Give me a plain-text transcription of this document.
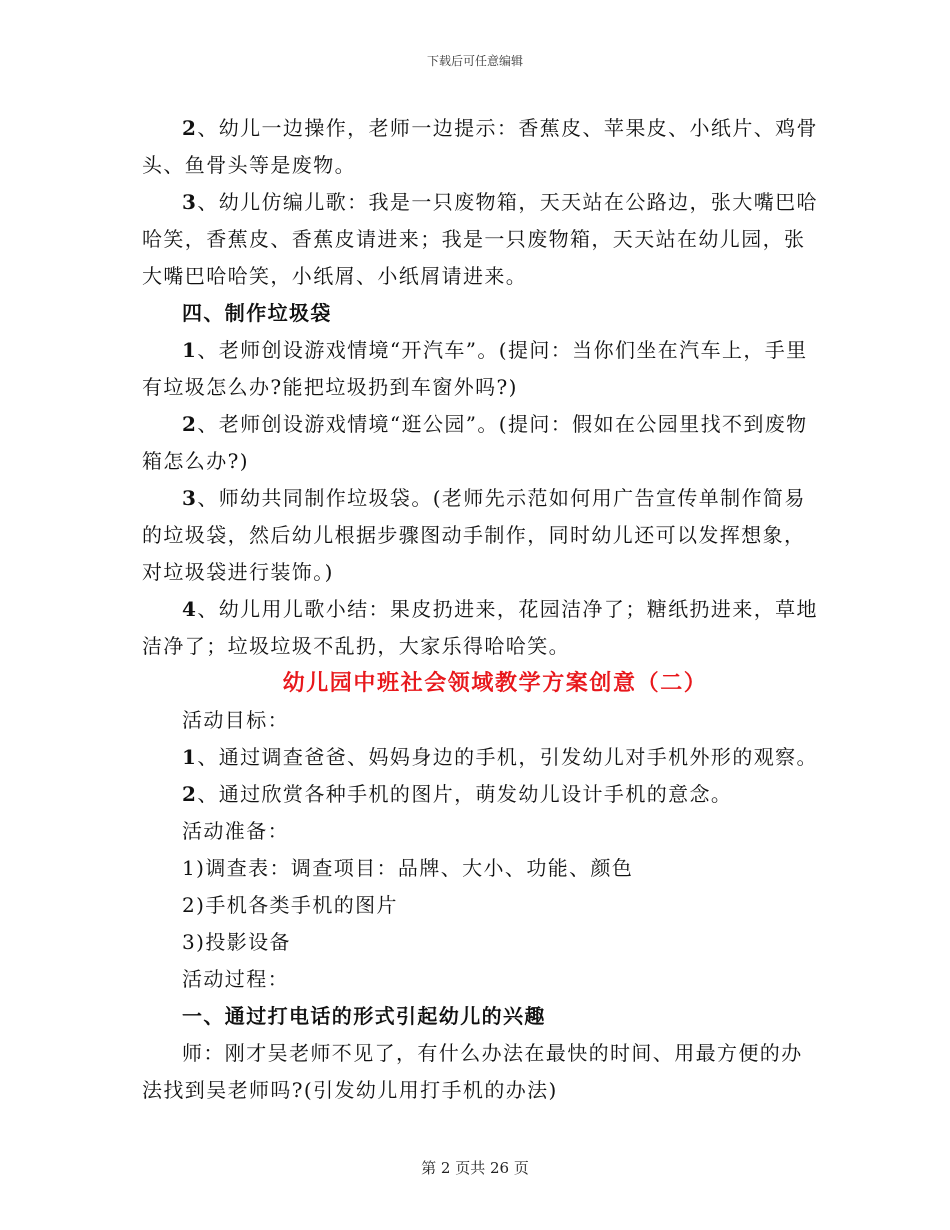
下载后可任意编辑

2、幼儿一边操作，老师一边提示：香蕉皮、苹果皮、小纸片、鸡骨头、鱼骨头等是废物。

3、幼儿仿编儿歌：我是一只废物箱，天天站在公路边，张大嘴巴哈哈笑，香蕉皮、香蕉皮请进来；我是一只废物箱，天天站在幼儿园，张大嘴巴哈哈笑，小纸屑、小纸屑请进来。

四、制作垃圾袋

1、老师创设游戏情境“开汽车”。(提问：当你们坐在汽车上，手里有垃圾怎么办?能把垃圾扔到车窗外吗?)

2、老师创设游戏情境“逛公园”。(提问：假如在公园里找不到废物箱怎么办?)

3、师幼共同制作垃圾袋。(老师先示范如何用广告宣传单制作简易的垃圾袋，然后幼儿根据步骤图动手制作，同时幼儿还可以发挥想象，对垃圾袋进行装饰。)

4、幼儿用儿歌小结：果皮扔进来，花园洁净了；糖纸扔进来，草地洁净了；垃圾垃圾不乱扔，大家乐得哈哈笑。

幼儿园中班社会领域教学方案创意（二）

活动目标：

1、通过调查爸爸、妈妈身边的手机，引发幼儿对手机外形的观察。

2、通过欣赏各种手机的图片，萌发幼儿设计手机的意念。

活动准备：

1)调查表：调查项目：品牌、大小、功能、颜色

2)手机各类手机的图片

3)投影设备

活动过程：

一、通过打电话的形式引起幼儿的兴趣

师：刚才吴老师不见了，有什么办法在最快的时间、用最方便的办法找到吴老师吗?(引发幼儿用打手机的办法)

第 2 页共 26 页
